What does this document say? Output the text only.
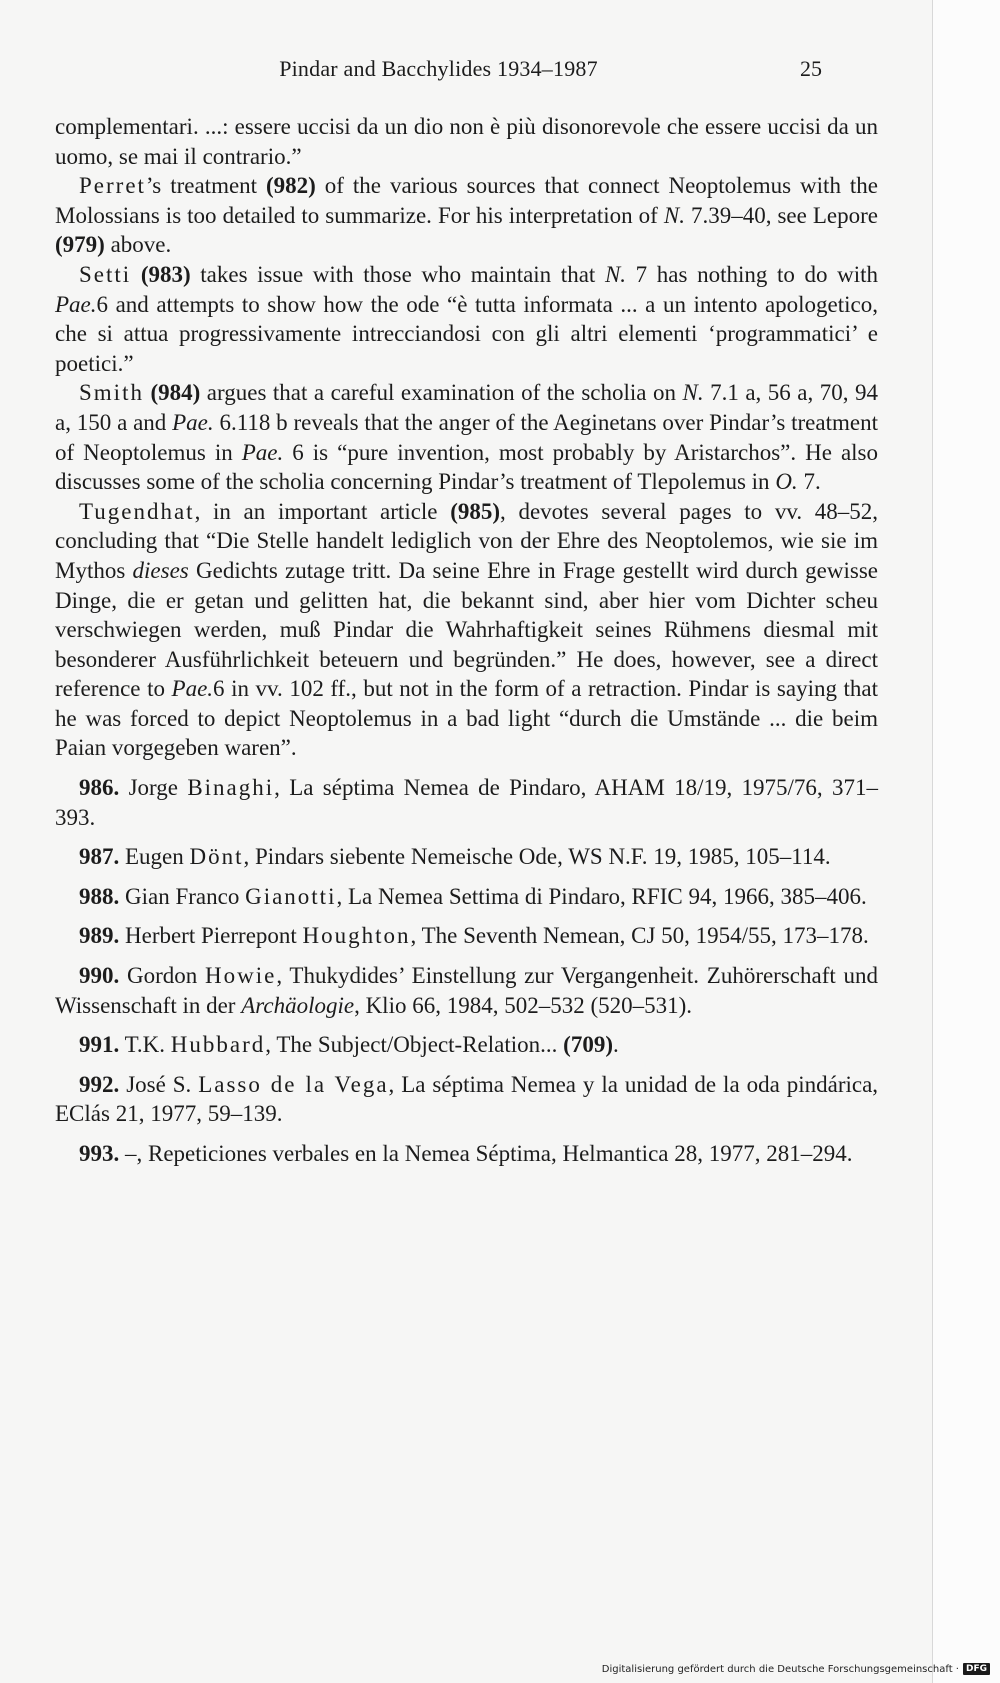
Pindar and Bacchylides 1934–1987	25

complementari. ...: essere uccisi da un dio non è più disonorevole che essere uccisi da un uomo, se mai il contrario.”

Perret’s treatment (982) of the various sources that connect Neoptolemus with the Molossians is too detailed to summarize. For his interpretation of N. 7.39–40, see Lepore (979) above.

Setti (983) takes issue with those who maintain that N. 7 has nothing to do with Pae.6 and attempts to show how the ode “è tutta informata ... a un intento apologetico, che si attua progressivamente intrecciandosi con gli altri elementi ‘programmatici’ e poetici.”

Smith (984) argues that a careful examination of the scholia on N. 7.1 a, 56 a, 70, 94 a, 150 a and Pae. 6.118 b reveals that the anger of the Aeginetans over Pindar’s treatment of Neoptolemus in Pae. 6 is “pure invention, most probably by Aristarchos”. He also discusses some of the scholia concerning Pindar’s treatment of Tlepolemus in O. 7.

Tugendhat, in an important article (985), devotes several pages to vv. 48–52, concluding that “Die Stelle handelt lediglich von der Ehre des Neoptolemos, wie sie im Mythos dieses Gedichts zutage tritt. Da seine Ehre in Frage gestellt wird durch gewisse Dinge, die er getan und gelitten hat, die bekannt sind, aber hier vom Dichter scheu verschwiegen werden, muß Pindar die Wahrhaftigkeit seines Rühmens diesmal mit besonderer Ausführlichkeit beteuern und begründen.” He does, however, see a direct reference to Pae.6 in vv. 102 ff., but not in the form of a retraction. Pindar is saying that he was forced to depict Neoptolemus in a bad light “durch die Umstände ... die beim Paian vorgegeben waren”.

986. Jorge Binaghi, La séptima Nemea de Pindaro, AHAM 18/19, 1975/76, 371–393.

987. Eugen Dönt, Pindars siebente Nemeische Ode, WS N.F. 19, 1985, 105–114.

988. Gian Franco Gianotti, La Nemea Settima di Pindaro, RFIC 94, 1966, 385–406.

989. Herbert Pierrepont Houghton, The Seventh Nemean, CJ 50, 1954/55, 173–178.

990. Gordon Howie, Thukydides’ Einstellung zur Vergangenheit. Zuhörerschaft und Wissenschaft in der Archäologie, Klio 66, 1984, 502–532 (520–531).

991. T.K. Hubbard, The Subject/Object-Relation... (709).

992. José S. Lasso de la Vega, La séptima Nemea y la unidad de la oda pindárica, EClás 21, 1977, 59–139.

993. –, Repeticiones verbales en la Nemea Séptima, Helmantica 28, 1977, 281–294.

Digitalisierung gefördert durch die Deutsche Forschungsgemeinschaft · DFG
